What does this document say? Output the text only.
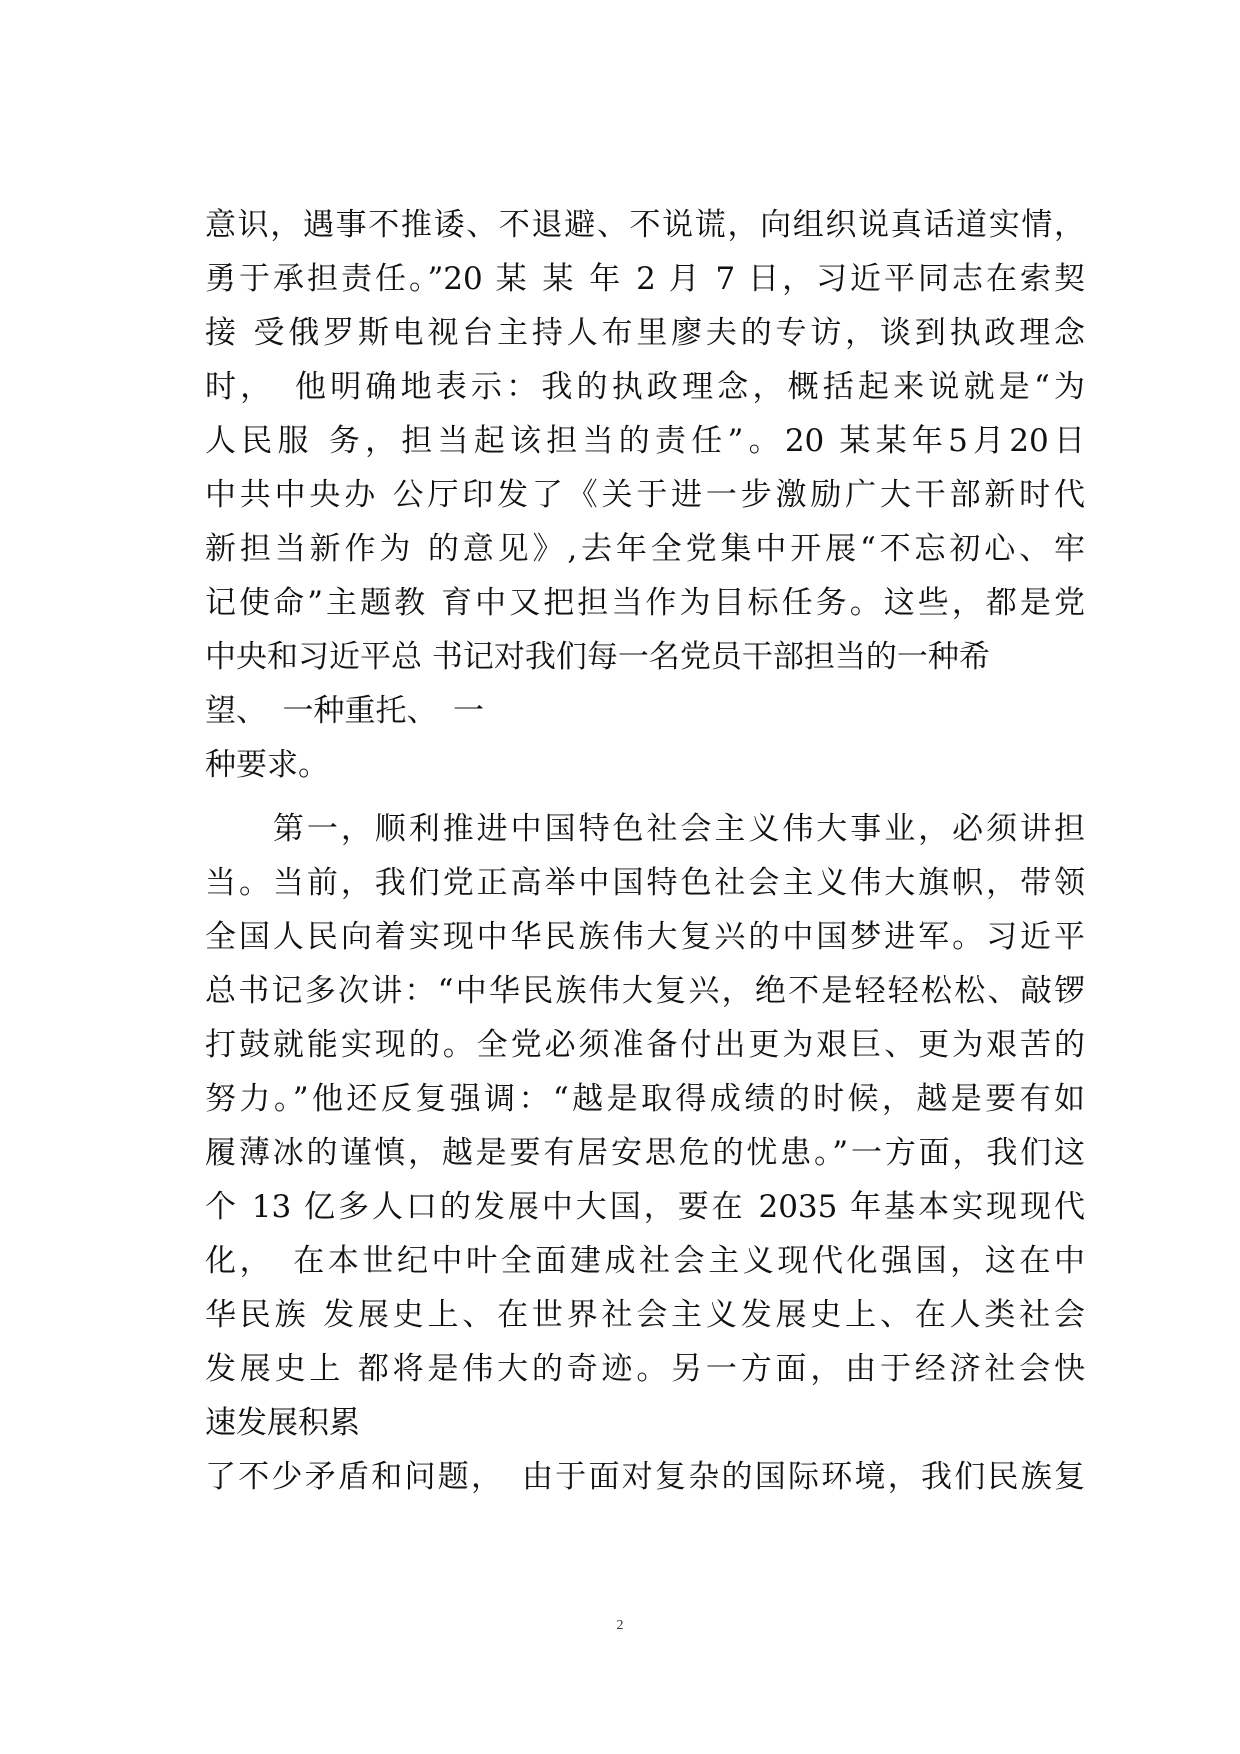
意识，遇事不推诿、不退避、不说谎，向组织说真话道实情，
勇于承担责任。”20 某 某 年 2 月 7 日，习近平同志在索契
接 受俄罗斯电视台主持人布里廖夫的专访，谈到执政理念
时，　他明确地表示：我的执政理念，概括起来说就是“为
人民服 务，担当起该担当的责任”。20 某某年5月20日
中共中央办 公厅印发了《关于进一步激励广大干部新时代
新担当新作为 的意见》,去年全党集中开展“不忘初心、牢
记使命”主题教 育中又把担当作为目标任务。这些，都是党
中央和习近平总 书记对我们每一名党员干部担当的一种希
望、　一种重托、　一
种要求。
　　第一，顺利推进中国特色社会主义伟大事业，必须讲担
当。当前，我们党正高举中国特色社会主义伟大旗帜，带领
全国人民向着实现中华民族伟大复兴的中国梦进军。习近平
总书记多次讲：“中华民族伟大复兴，绝不是轻轻松松、敲锣
打鼓就能实现的。全党必须准备付出更为艰巨、更为艰苦的
努力。”他还反复强调：“越是取得成绩的时候，越是要有如
履薄冰的谨慎，越是要有居安思危的忧患。”一方面，我们这
个 13 亿多人口的发展中大国，要在 2035 年基本实现现代
化，　在本世纪中叶全面建成社会主义现代化强国，这在中
华民族 发展史上、在世界社会主义发展史上、在人类社会
发展史上 都将是伟大的奇迹。另一方面，由于经济社会快
速发展积累
了不少矛盾和问题，　由于面对复杂的国际环境，我们民族复
2
